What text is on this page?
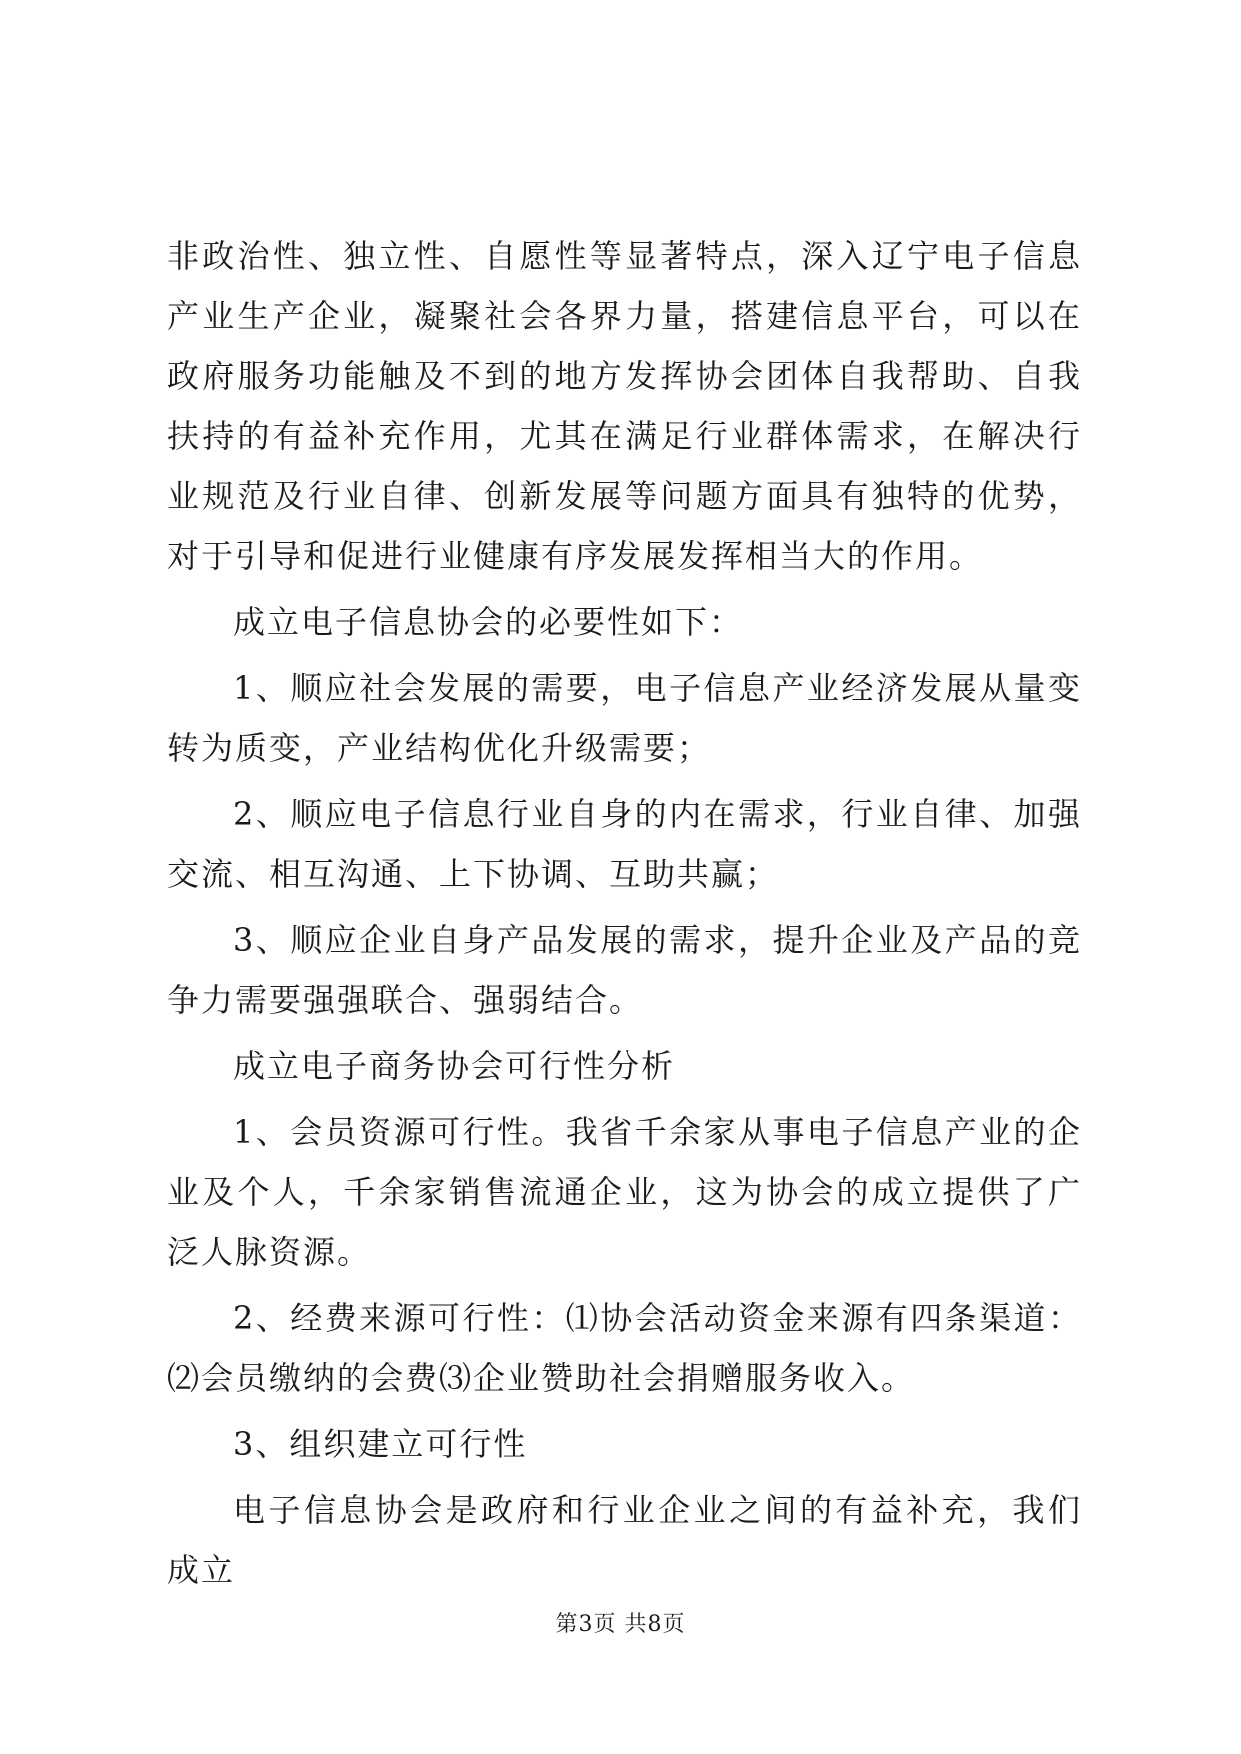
非政治性、独立性、自愿性等显著特点，深入辽宁电子信息产业生产企业，凝聚社会各界力量，搭建信息平台，可以在政府服务功能触及不到的地方发挥协会团体自我帮助、自我扶持的有益补充作用，尤其在满足行业群体需求，在解决行业规范及行业自律、创新发展等问题方面具有独特的优势，对于引导和促进行业健康有序发展发挥相当大的作用。

成立电子信息协会的必要性如下：

1、顺应社会发展的需要，电子信息产业经济发展从量变转为质变，产业结构优化升级需要；

2、顺应电子信息行业自身的内在需求，行业自律、加强交流、相互沟通、上下协调、互助共赢；

3、顺应企业自身产品发展的需求，提升企业及产品的竞争力需要强强联合、强弱结合。

成立电子商务协会可行性分析

1、会员资源可行性。我省千余家从事电子信息产业的企业及个人，千余家销售流通企业，这为协会的成立提供了广泛人脉资源。

2、经费来源可行性：⑴协会活动资金来源有四条渠道：⑵会员缴纳的会费⑶企业赞助社会捐赠服务收入。

3、组织建立可行性

电子信息协会是政府和行业企业之间的有益补充，我们成立

第3页 共8页
